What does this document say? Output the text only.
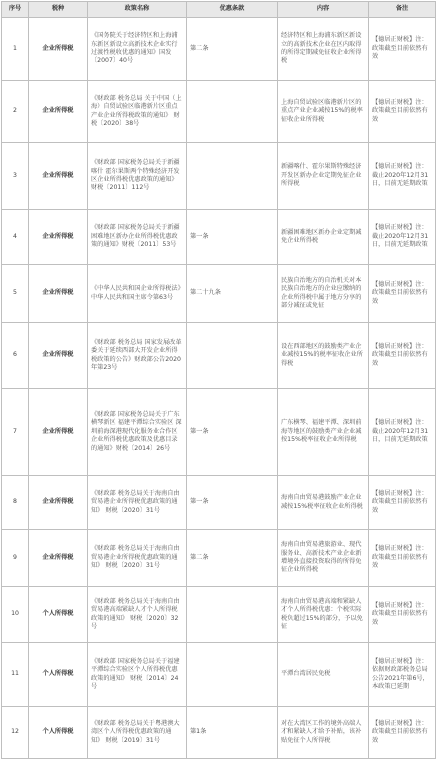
序号	税种	政策名称	优惠条款	内容	备注
1	企业所得税	《国务院关于经济特区和上海浦东新区新设立高新技术企业实行过渡性税收优惠的通知》国发〔2007〕40号	第二条	经济特区和上海浦东新区新设立的高新技术企业在区内取得的所得定期减免征收企业所得税	【德居正财税】注：政策截至目前依然有效
2	企业所得税	《财政部 税务总局 关于中国（上海）自贸试验区临港新片区重点产业企业所得税政策的通知》 财税〔2020〕38号		上海自贸试验区临港新片区的重点产业企业减按15%的税率征收企业所得税	【德居正财税】注：政策截至目前依然有效
3	企业所得税	《财政部 国家税务总局关于新疆喀什 霍尔果斯两个特殊经济开发区企业所得税优惠政策的通知》 财税〔2011〕112号		新疆喀什、霍尔果斯特殊经济开发区新办企业定期免征企业所得税	【德居正财税】注：截止2020年12月31日，目前无延期政策
4	企业所得税	《财政部 国家税务总局关于新疆困难地区新办企业所得税优惠政策的通知》财税〔2011〕53号	第一条	新疆困难地区新办企业定期减免企业所得税	【德居正财税】注：截止2020年12月31日，目前无延期政策
5	企业所得税	《中华人民共和国企业所得税法》中华人民共和国主席令第63号	第二十九条	民族自治地方的自治机关对本民族自治地方的企业应缴纳的企业所得税中属于地方分享的部分减征或免征	【德居正财税】注：政策截至目前依然有效
6	企业所得税	《财政部 税务总局 国家发展改革委关于延续西部大开发企业所得税政策的公告》财政部公告2020年第23号		设在西部地区的鼓励类产业企业减按15%的税率征收企业所得税	【德居正财税】注：政策截至目前依然有效
7	企业所得税	《财政部 国家税务总局关于广东横琴新区 福建平潭综合实验区 深圳前海深港现代化服务业合作区企业所得税优惠政策及优惠目录的通知》财税〔2014〕26号	第一条	广东横琴、福建平潭、深圳前海等地区的鼓励类产业企业减按15%税率征收企业所得税	【德居正财税】注：截止2020年12月31日，目前无延期政策
8	企业所得税	《财政部 税务总局关于海南自由贸易港企业所得税优惠政策的通知》 财税〔2020〕31号	第一条	海南自由贸易港鼓励产业企业减按15%税率征收企业所得税	【德居正财税】注：政策截至目前依然有效
9	企业所得税	《财政部 税务总局关于海南自由贸易港企业所得税优惠政策的通知》 财税〔2020〕31号	第二条	海南自由贸易港旅游业、现代服务业、高新技术产业企业新增境外直接投资取得的所得免征企业所得税	【德居正财税】注：政策截至目前依然有效
10	个人所得税	《财政部 税务总局关于海南自由贸易港高端紧缺人才个人所得税政策的通知》 财税〔2020〕32号		海南自由贸易港高端和紧缺人才个人所得税优惠：个税实际税负超过15%的部分，予以免征	【德居正财税】注：政策截至目前依然有效
11	个人所得税	《财政部 国家税务总局关于福建平潭综合实验区个人所得税优惠政策的通知》 财税〔2014〕24号		平潭台湾居民免税	【德居正财税】注：依据财政部税务总局公告2021年第6号，本政策已延期
12	个人所得税	《财政部 税务总局关于粤港澳大湾区个人所得税优惠政策的通知》 财税〔2019〕31号	第1条	对在大湾区工作的境外高端人才和紧缺人才给予补贴，该补贴免征个人所得税	【德居正财税】注：政策截至目前依然有效
